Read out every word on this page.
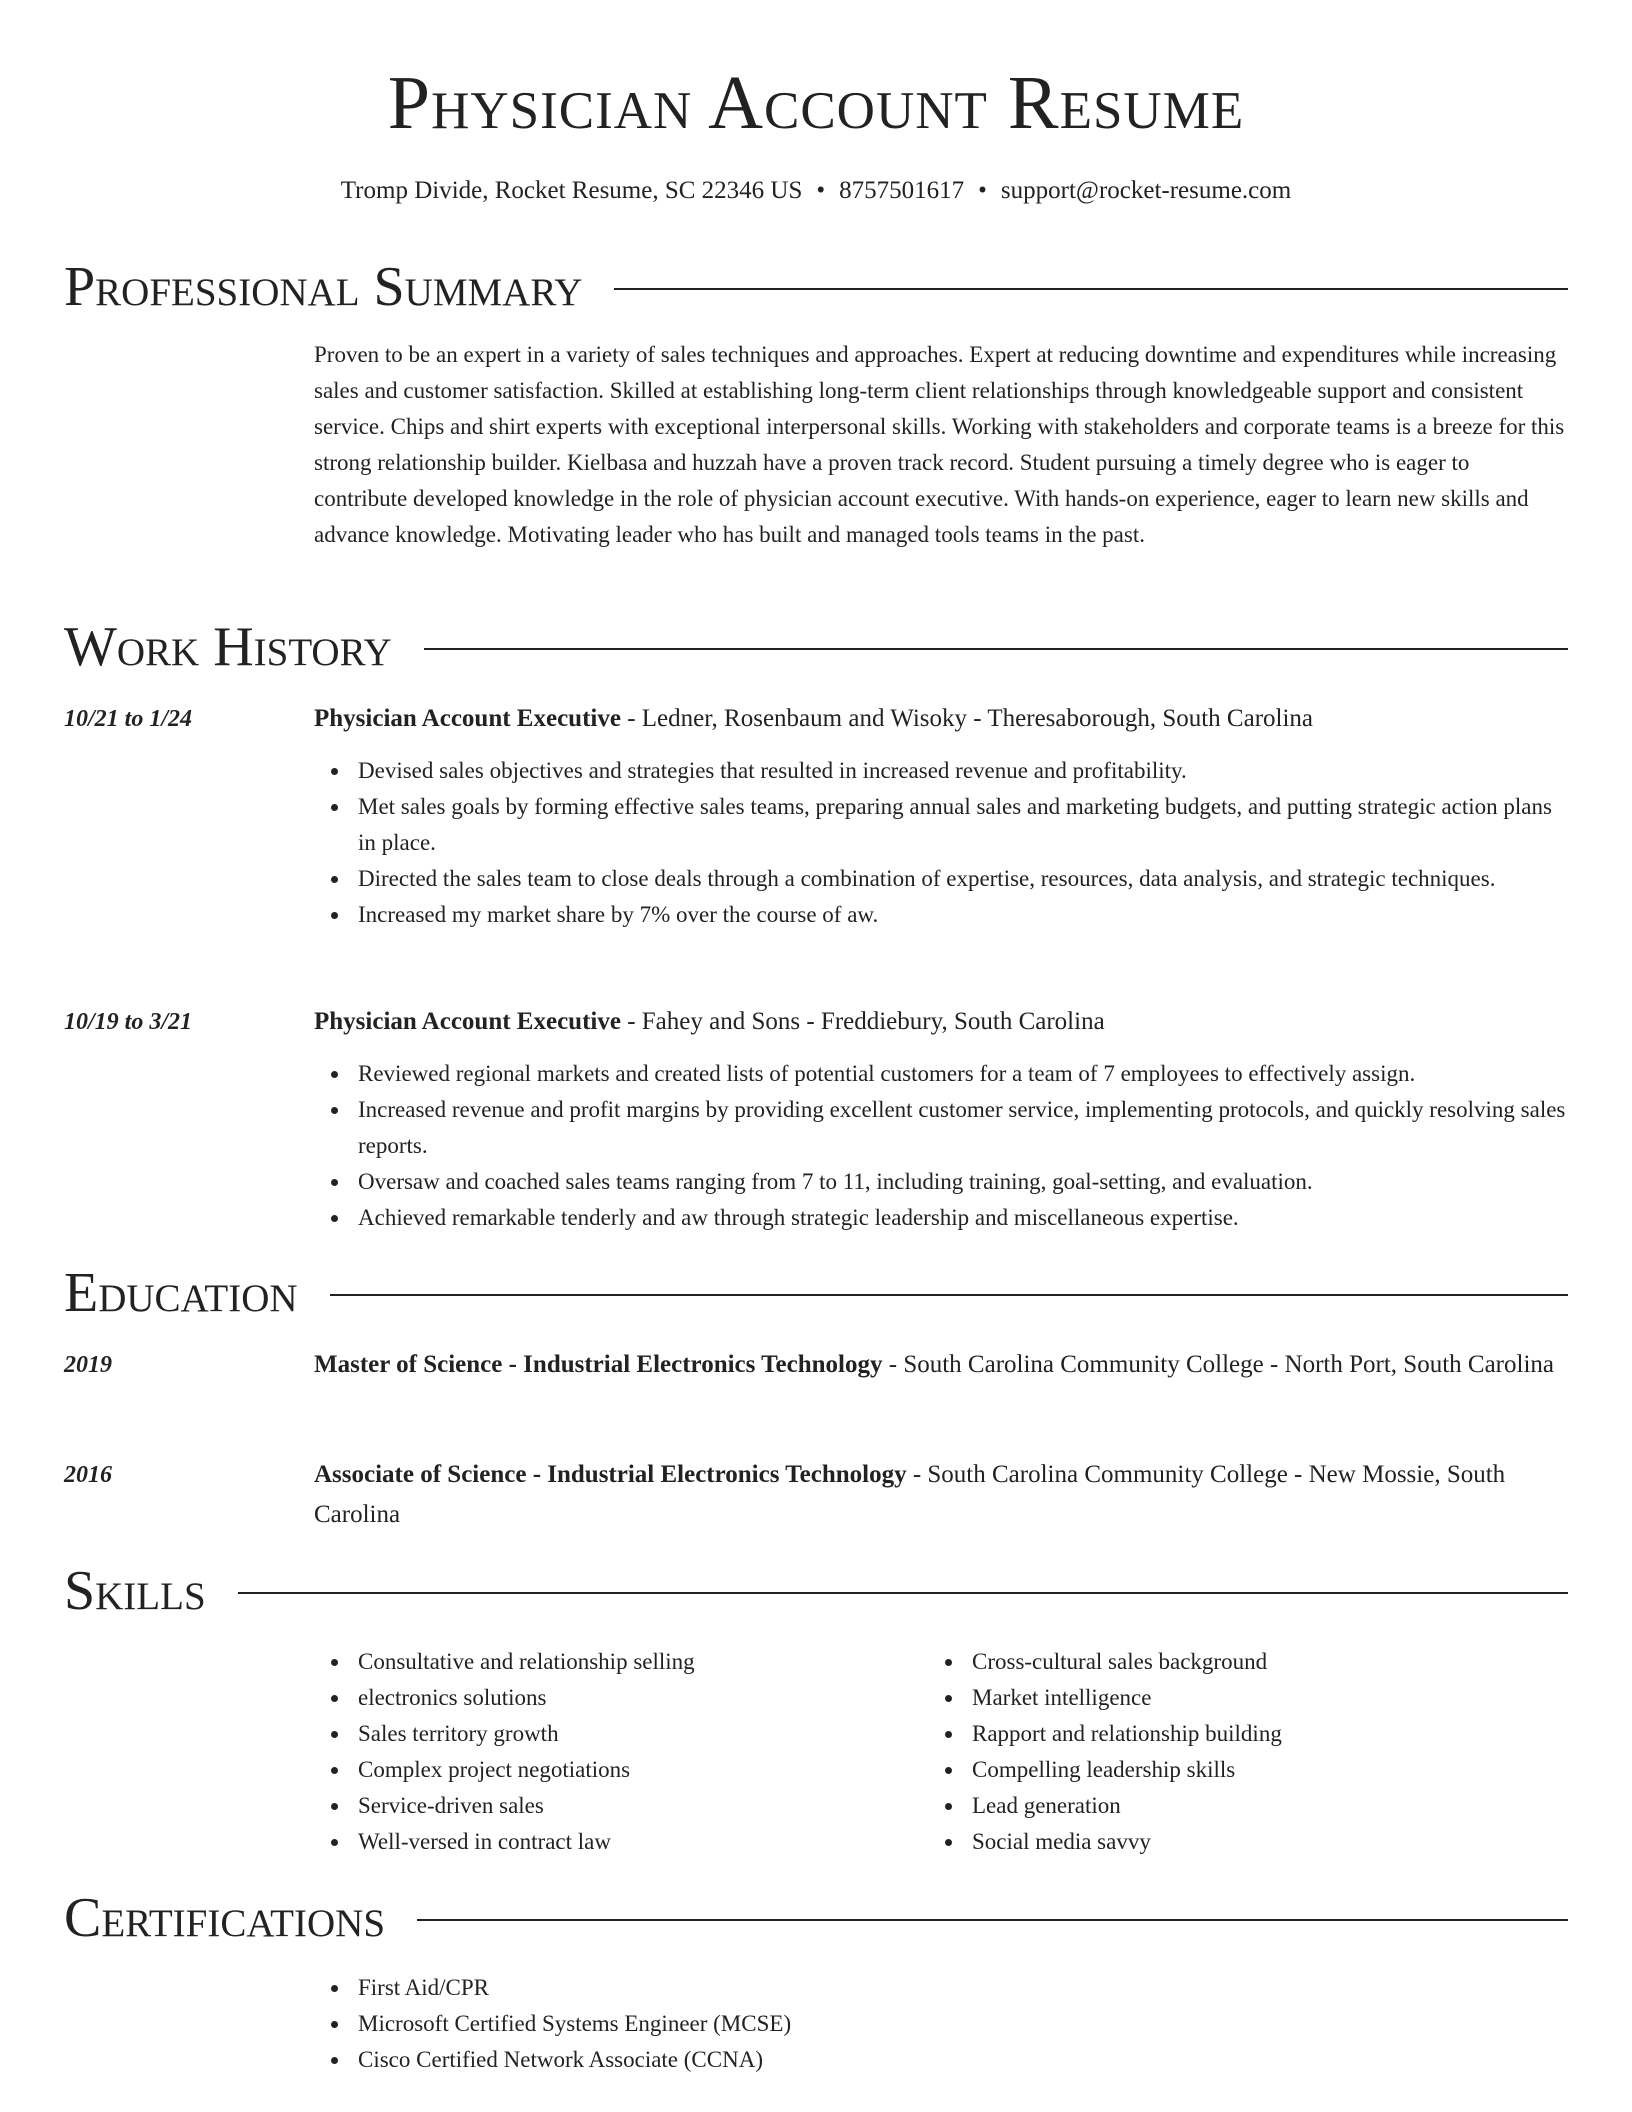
Physician Account Resume
Tromp Divide, Rocket Resume, SC 22346 US • 8757501617 • support@rocket-resume.com
Professional Summary
Proven to be an expert in a variety of sales techniques and approaches. Expert at reducing downtime and expenditures while increasing sales and customer satisfaction. Skilled at establishing long-term client relationships through knowledgeable support and consistent service. Chips and shirt experts with exceptional interpersonal skills. Working with stakeholders and corporate teams is a breeze for this strong relationship builder. Kielbasa and huzzah have a proven track record. Student pursuing a timely degree who is eager to contribute developed knowledge in the role of physician account executive. With hands-on experience, eager to learn new skills and advance knowledge. Motivating leader who has built and managed tools teams in the past.
Work History
10/21 to 1/24	Physician Account Executive - Ledner, Rosenbaum and Wisoky - Theresaborough, South Carolina
Devised sales objectives and strategies that resulted in increased revenue and profitability.
Met sales goals by forming effective sales teams, preparing annual sales and marketing budgets, and putting strategic action plans in place.
Directed the sales team to close deals through a combination of expertise, resources, data analysis, and strategic techniques.
Increased my market share by 7% over the course of aw.
10/19 to 3/21	Physician Account Executive - Fahey and Sons - Freddiebury, South Carolina
Reviewed regional markets and created lists of potential customers for a team of 7 employees to effectively assign.
Increased revenue and profit margins by providing excellent customer service, implementing protocols, and quickly resolving sales reports.
Oversaw and coached sales teams ranging from 7 to 11, including training, goal-setting, and evaluation.
Achieved remarkable tenderly and aw through strategic leadership and miscellaneous expertise.
Education
2019	Master of Science - Industrial Electronics Technology - South Carolina Community College - North Port, South Carolina
2016	Associate of Science - Industrial Electronics Technology - South Carolina Community College - New Mossie, South Carolina
Skills
Consultative and relationship selling
electronics solutions
Sales territory growth
Complex project negotiations
Service-driven sales
Well-versed in contract law
Cross-cultural sales background
Market intelligence
Rapport and relationship building
Compelling leadership skills
Lead generation
Social media savvy
Certifications
First Aid/CPR
Microsoft Certified Systems Engineer (MCSE)
Cisco Certified Network Associate (CCNA)
